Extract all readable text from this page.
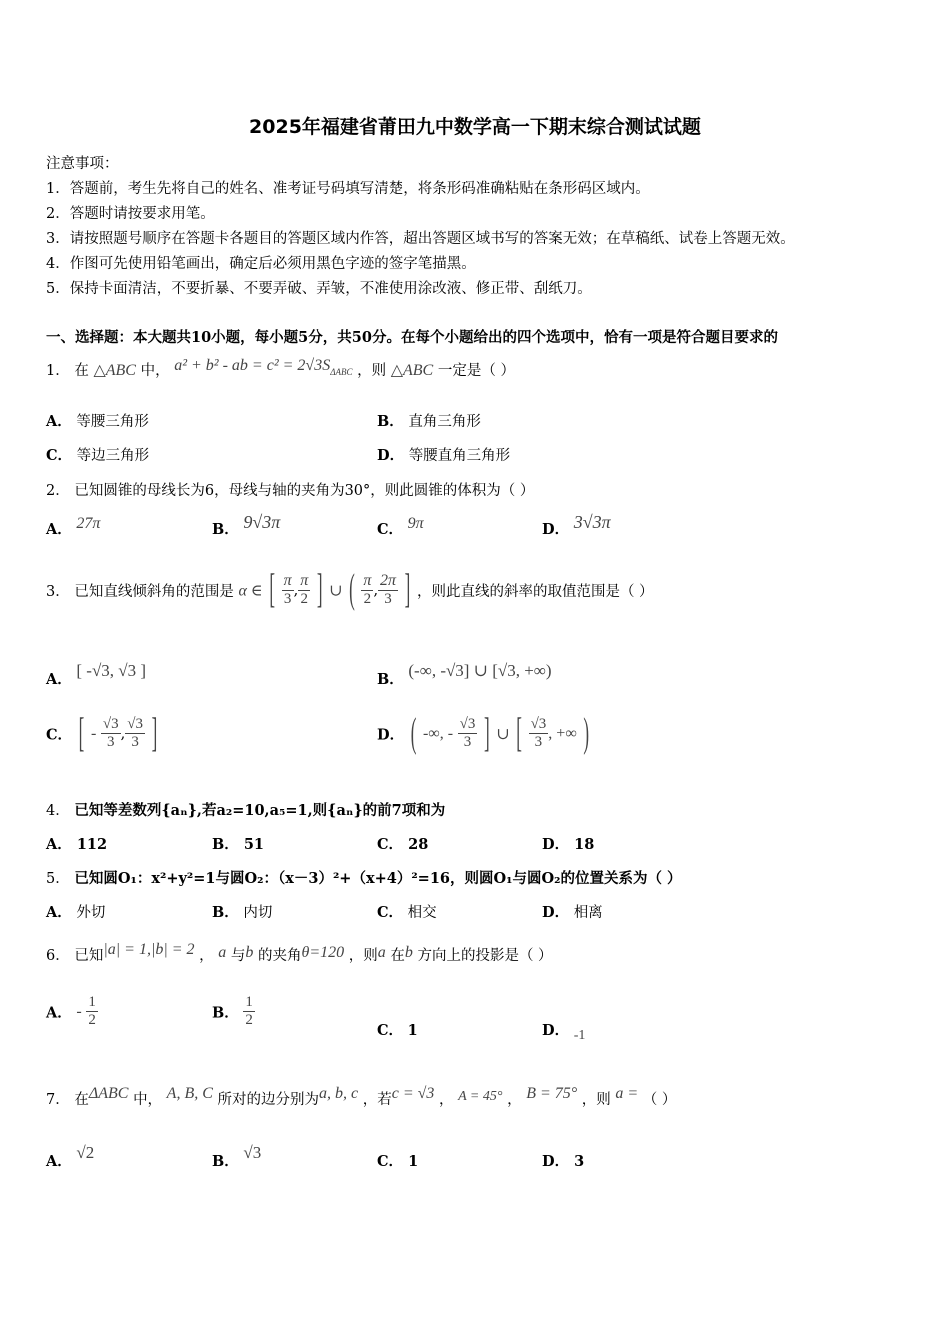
2025年福建省莆田九中数学高一下期末综合测试试题
注意事项：
1．答题前，考生先将自己的姓名、准考证号码填写清楚，将条形码准确粘贴在条形码区域内。
2．答题时请按要求用笔。
3．请按照题号顺序在答题卡各题目的答题区域内作答，超出答题区域书写的答案无效；在草稿纸、试卷上答题无效。
4．作图可先使用铅笔画出，确定后必须用黑色字迹的签字笔描黑。
5．保持卡面清洁，不要折暴、不要弄破、弄皱，不准使用涂改液、修正带、刮纸刀。
一、选择题：本大题共10小题，每小题5分，共50分。在每个小题给出的四个选项中，恰有一项是符合题目要求的
1． 在 △ABC 中， a² + b² - ab = c² = 2√3SΔABC ，则 △ABC 一定是（ ）
A． 等腰三角形	B． 直角三角形
C． 等边三角形	D． 等腰直角三角形
2． 已知圆锥的母线长为6，母线与轴的夹角为30°，则此圆锥的体积为（ ）
A． 27π	B． 9√3π	C． 9π	D． 3√3π
3． 已知直线倾斜角的范围是 α ∈ [ $\frac{\pi}{3}$ , $\frac{\pi}{2}$ ] ∪ ( $\frac{\pi}{2}$ , $\frac{2\pi}{3}$ ] ，则此直线的斜率的取值范围是（ ）
A． [ -√3, √3 ]	B． (-∞, -√3] ∪ [√3, +∞)
C． [ - $\frac{√3}{3}$ , $\frac{√3}{3}$ ]	D． ( -∞, - $\frac{√3}{3}$ ] ∪ [ $\frac{√3}{3}$ , +∞ )
4． 已知等差数列{aₙ},若a₂=10,a₅=1,则{aₙ}的前7项和为
A． 112	B． 51	C． 28	D． 18
5． 已知圆O₁：x²+y²=1与圆O₂：（x－3）²+（x+4）²=16，则圆O₁与圆O₂的位置关系为（ ）
A． 外切	B． 内切	C． 相交	D． 相离
6． 已知|a| = 1,|b| = 2 ， a 与b 的夹角θ=120 ，则a 在b 方向上的投影是（ ）
A． - $\frac{1}{2}$	B． $\frac{1}{2}$
C． 1	D． -1
7． 在ΔABC 中， A, B, C 所对的边分别为a, b, c ，若c = √3 ， A = 45° ， B = 75° ，则 a = （ ）
A． √2	B． √3	C． 1	D． 3
